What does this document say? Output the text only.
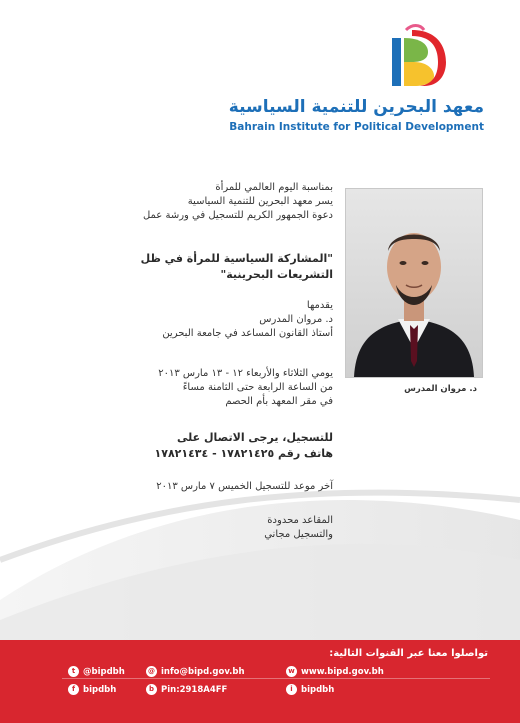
معهد البحرين للتنمية السياسية
Bahrain Institute for Political Development
بمناسبة اليوم العالمي للمرأة
يسر معهد البحرين للتنمية السياسية
دعوة الجمهور الكريم للتسجيل في ورشة عمل
"المشاركة السياسية للمرأة في ظل
التشريعات البحرينية"
يقدمها
د. مروان المدرس
أستاذ القانون المساعد في جامعة البحرين
يومي الثلاثاء والأربعاء ١٢ - ١٣ مارس ٢٠١٣
من الساعة الرابعة حتى الثامنة مساءً
في مقر المعهد بأم الحصم
للتسجيل، يرجى الاتصال على
هاتف رقم ١٧٨٢١٤٢٥ - ١٧٨٢١٤٣٤
آخر موعد للتسجيل الخميس ٧ مارس ٢٠١٣
المقاعد محدودة
والتسجيل مجاني
د. مروان المدرس
تواصلوا معنا عبر القنوات التالية:
t @bipdbh	@ info@bipd.gov.bh	w www.bipd.gov.bh
f bipdbh	b Pin:2918A4FF	i bipdbh
